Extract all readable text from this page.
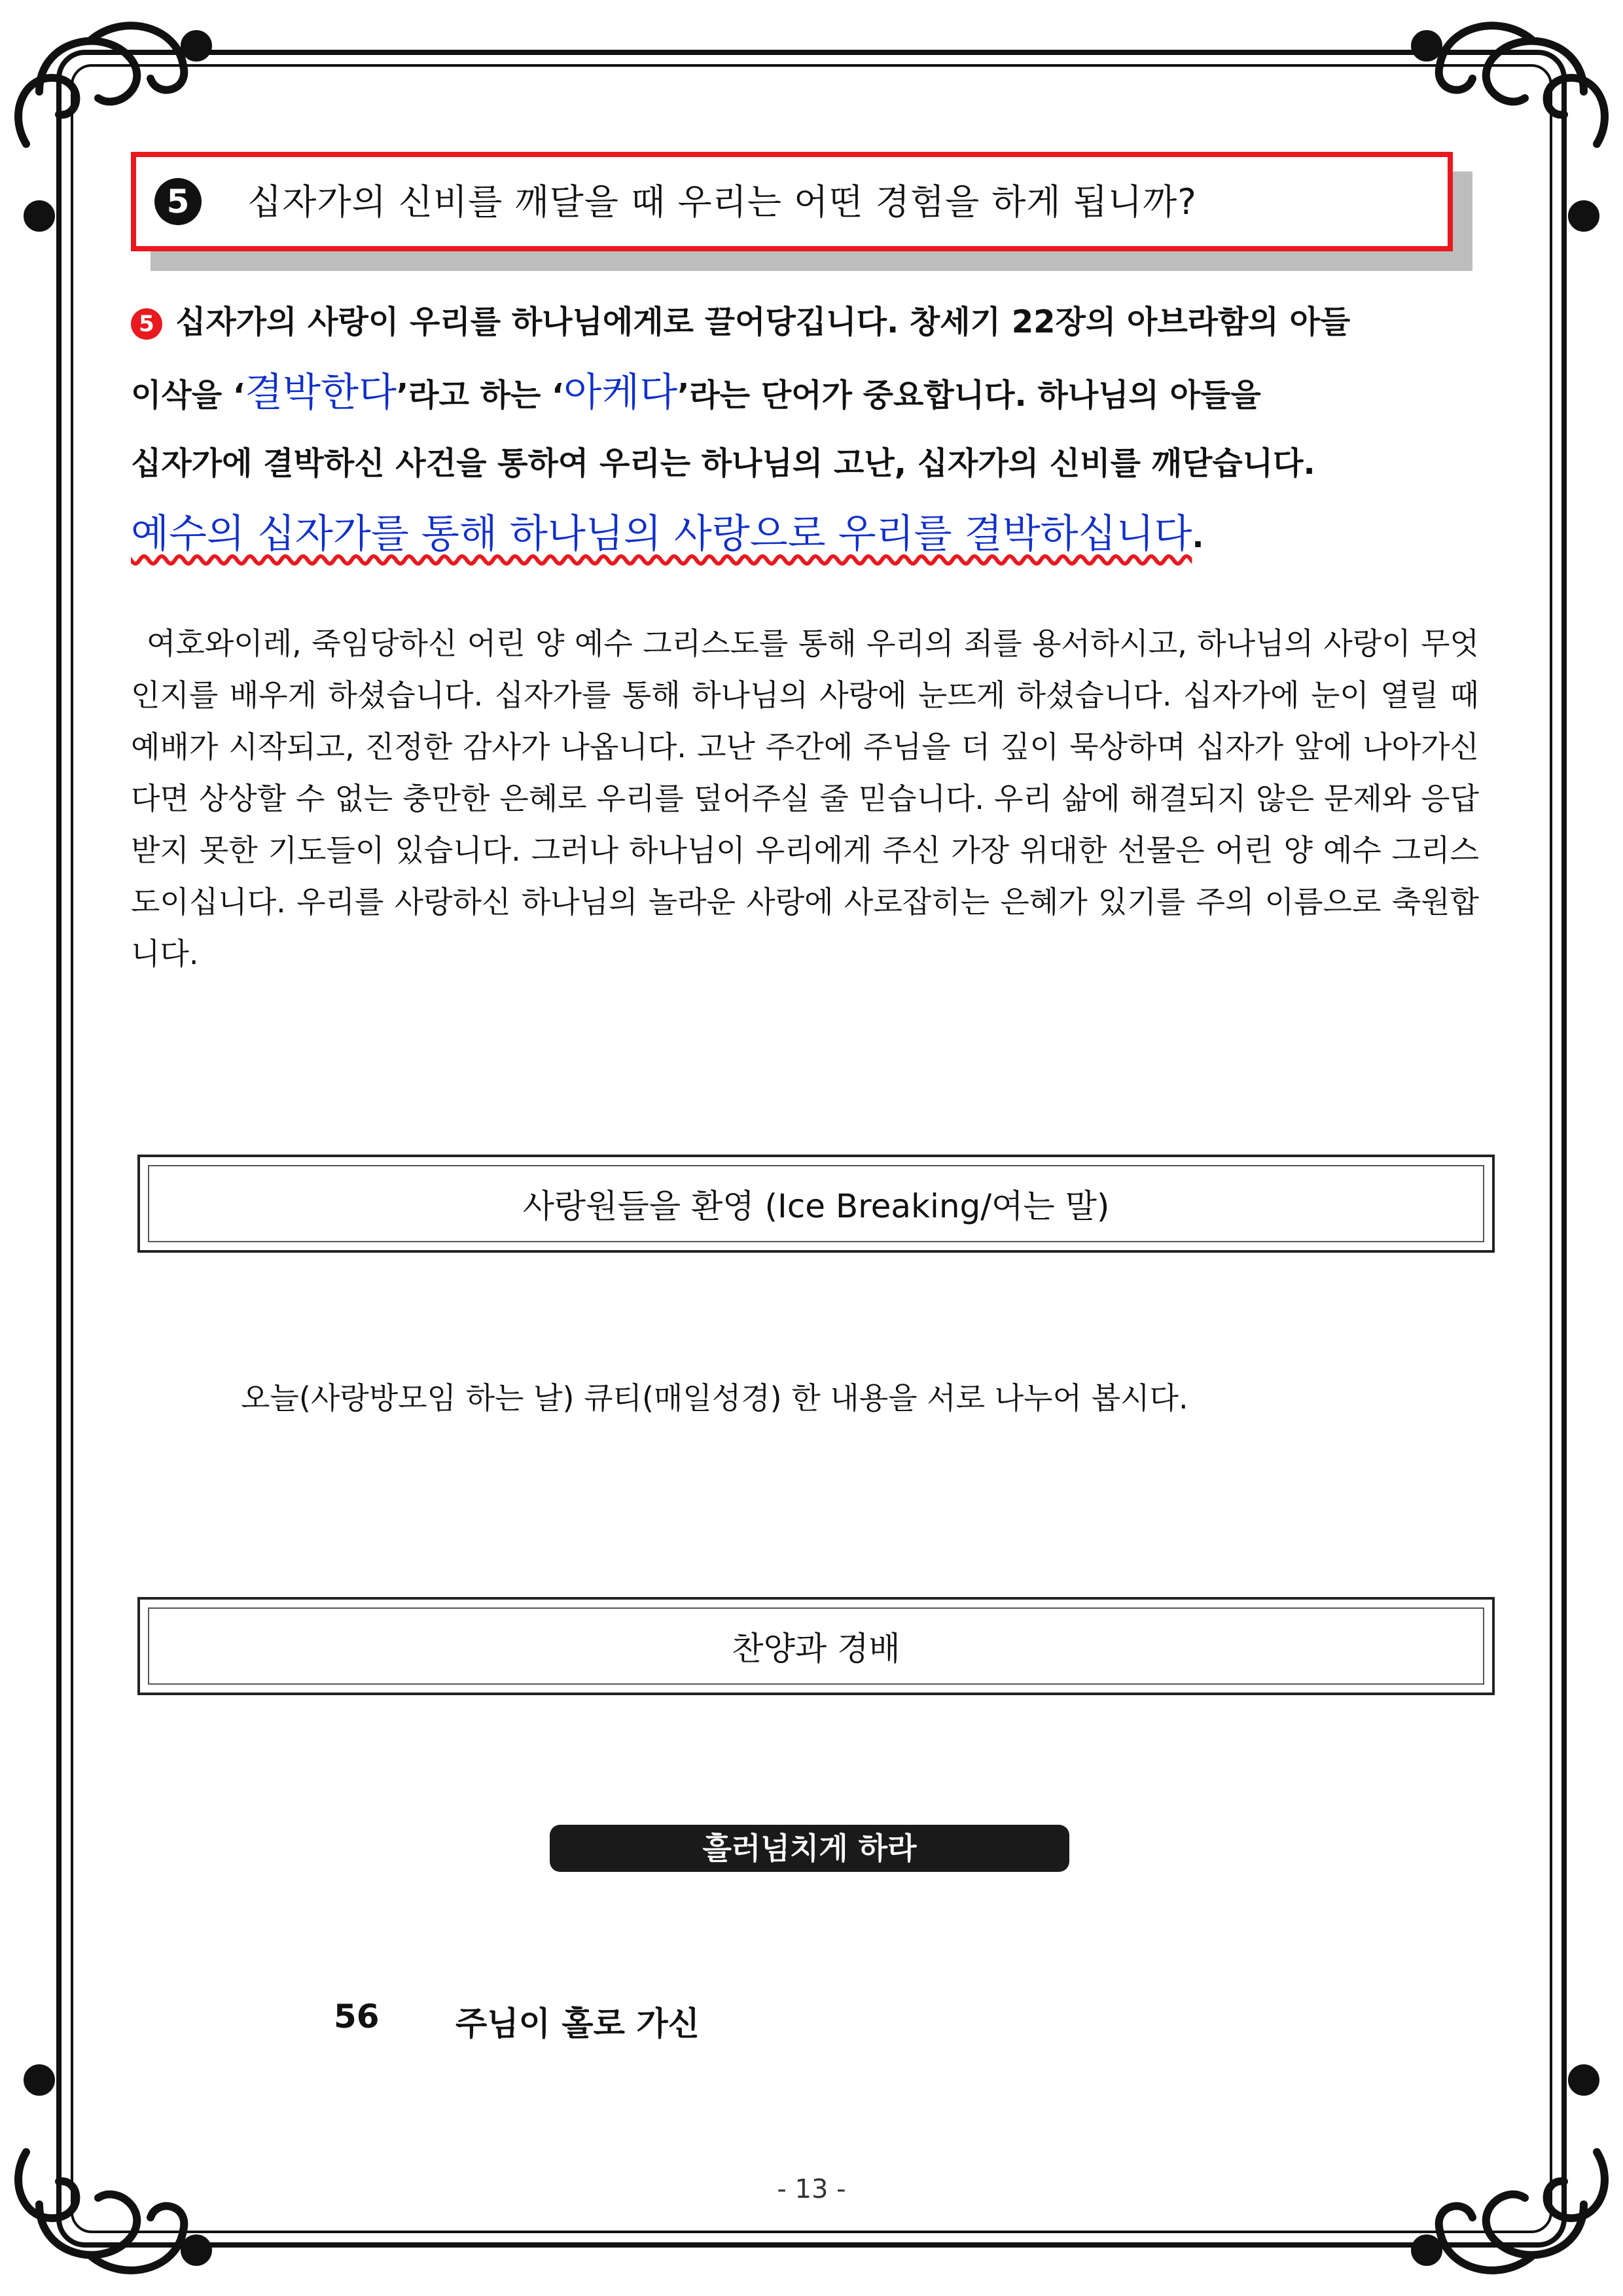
5	십자가의 신비를 깨달을 때 우리는 어떤 경험을 하게 됩니까?
5 십자가의 사랑이 우리를 하나님에게로 끌어당깁니다. 창세기 22장의 아브라함의 아들
이삭을 ‘결박한다’라고 하는 ‘아케다’라는 단어가 중요합니다. 하나님의 아들을
십자가에 결박하신 사건을 통하여 우리는 하나님의 고난, 십자가의 신비를 깨닫습니다.
예수의 십자가를 통해 하나님의 사랑으로 우리를 결박하십니다.
여호와이레, 죽임당하신 어린 양 예수 그리스도를 통해 우리의 죄를 용서하시고, 하나님의 사랑이 무엇인지를 배우게 하셨습니다. 십자가를 통해 하나님의 사랑에 눈뜨게 하셨습니다. 십자가에 눈이 열릴 때 예배가 시작되고, 진정한 감사가 나옵니다. 고난 주간에 주님을 더 깊이 묵상하며 십자가 앞에 나아가신다면 상상할 수 없는 충만한 은혜로 우리를 덮어주실 줄 믿습니다. 우리 삶에 해결되지 않은 문제와 응답받지 못한 기도들이 있습니다. 그러나 하나님이 우리에게 주신 가장 위대한 선물은 어린 양 예수 그리스도이십니다. 우리를 사랑하신 하나님의 놀라운 사랑에 사로잡히는 은혜가 있기를 주의 이름으로 축원합니다.
사랑원들을 환영 (Ice Breaking/여는 말)
오늘(사랑방모임 하는 날) 큐티(매일성경) 한 내용을 서로 나누어 봅시다.
찬양과 경배
흘러넘치게 하라
56 주님이 홀로 가신
- 13 -
